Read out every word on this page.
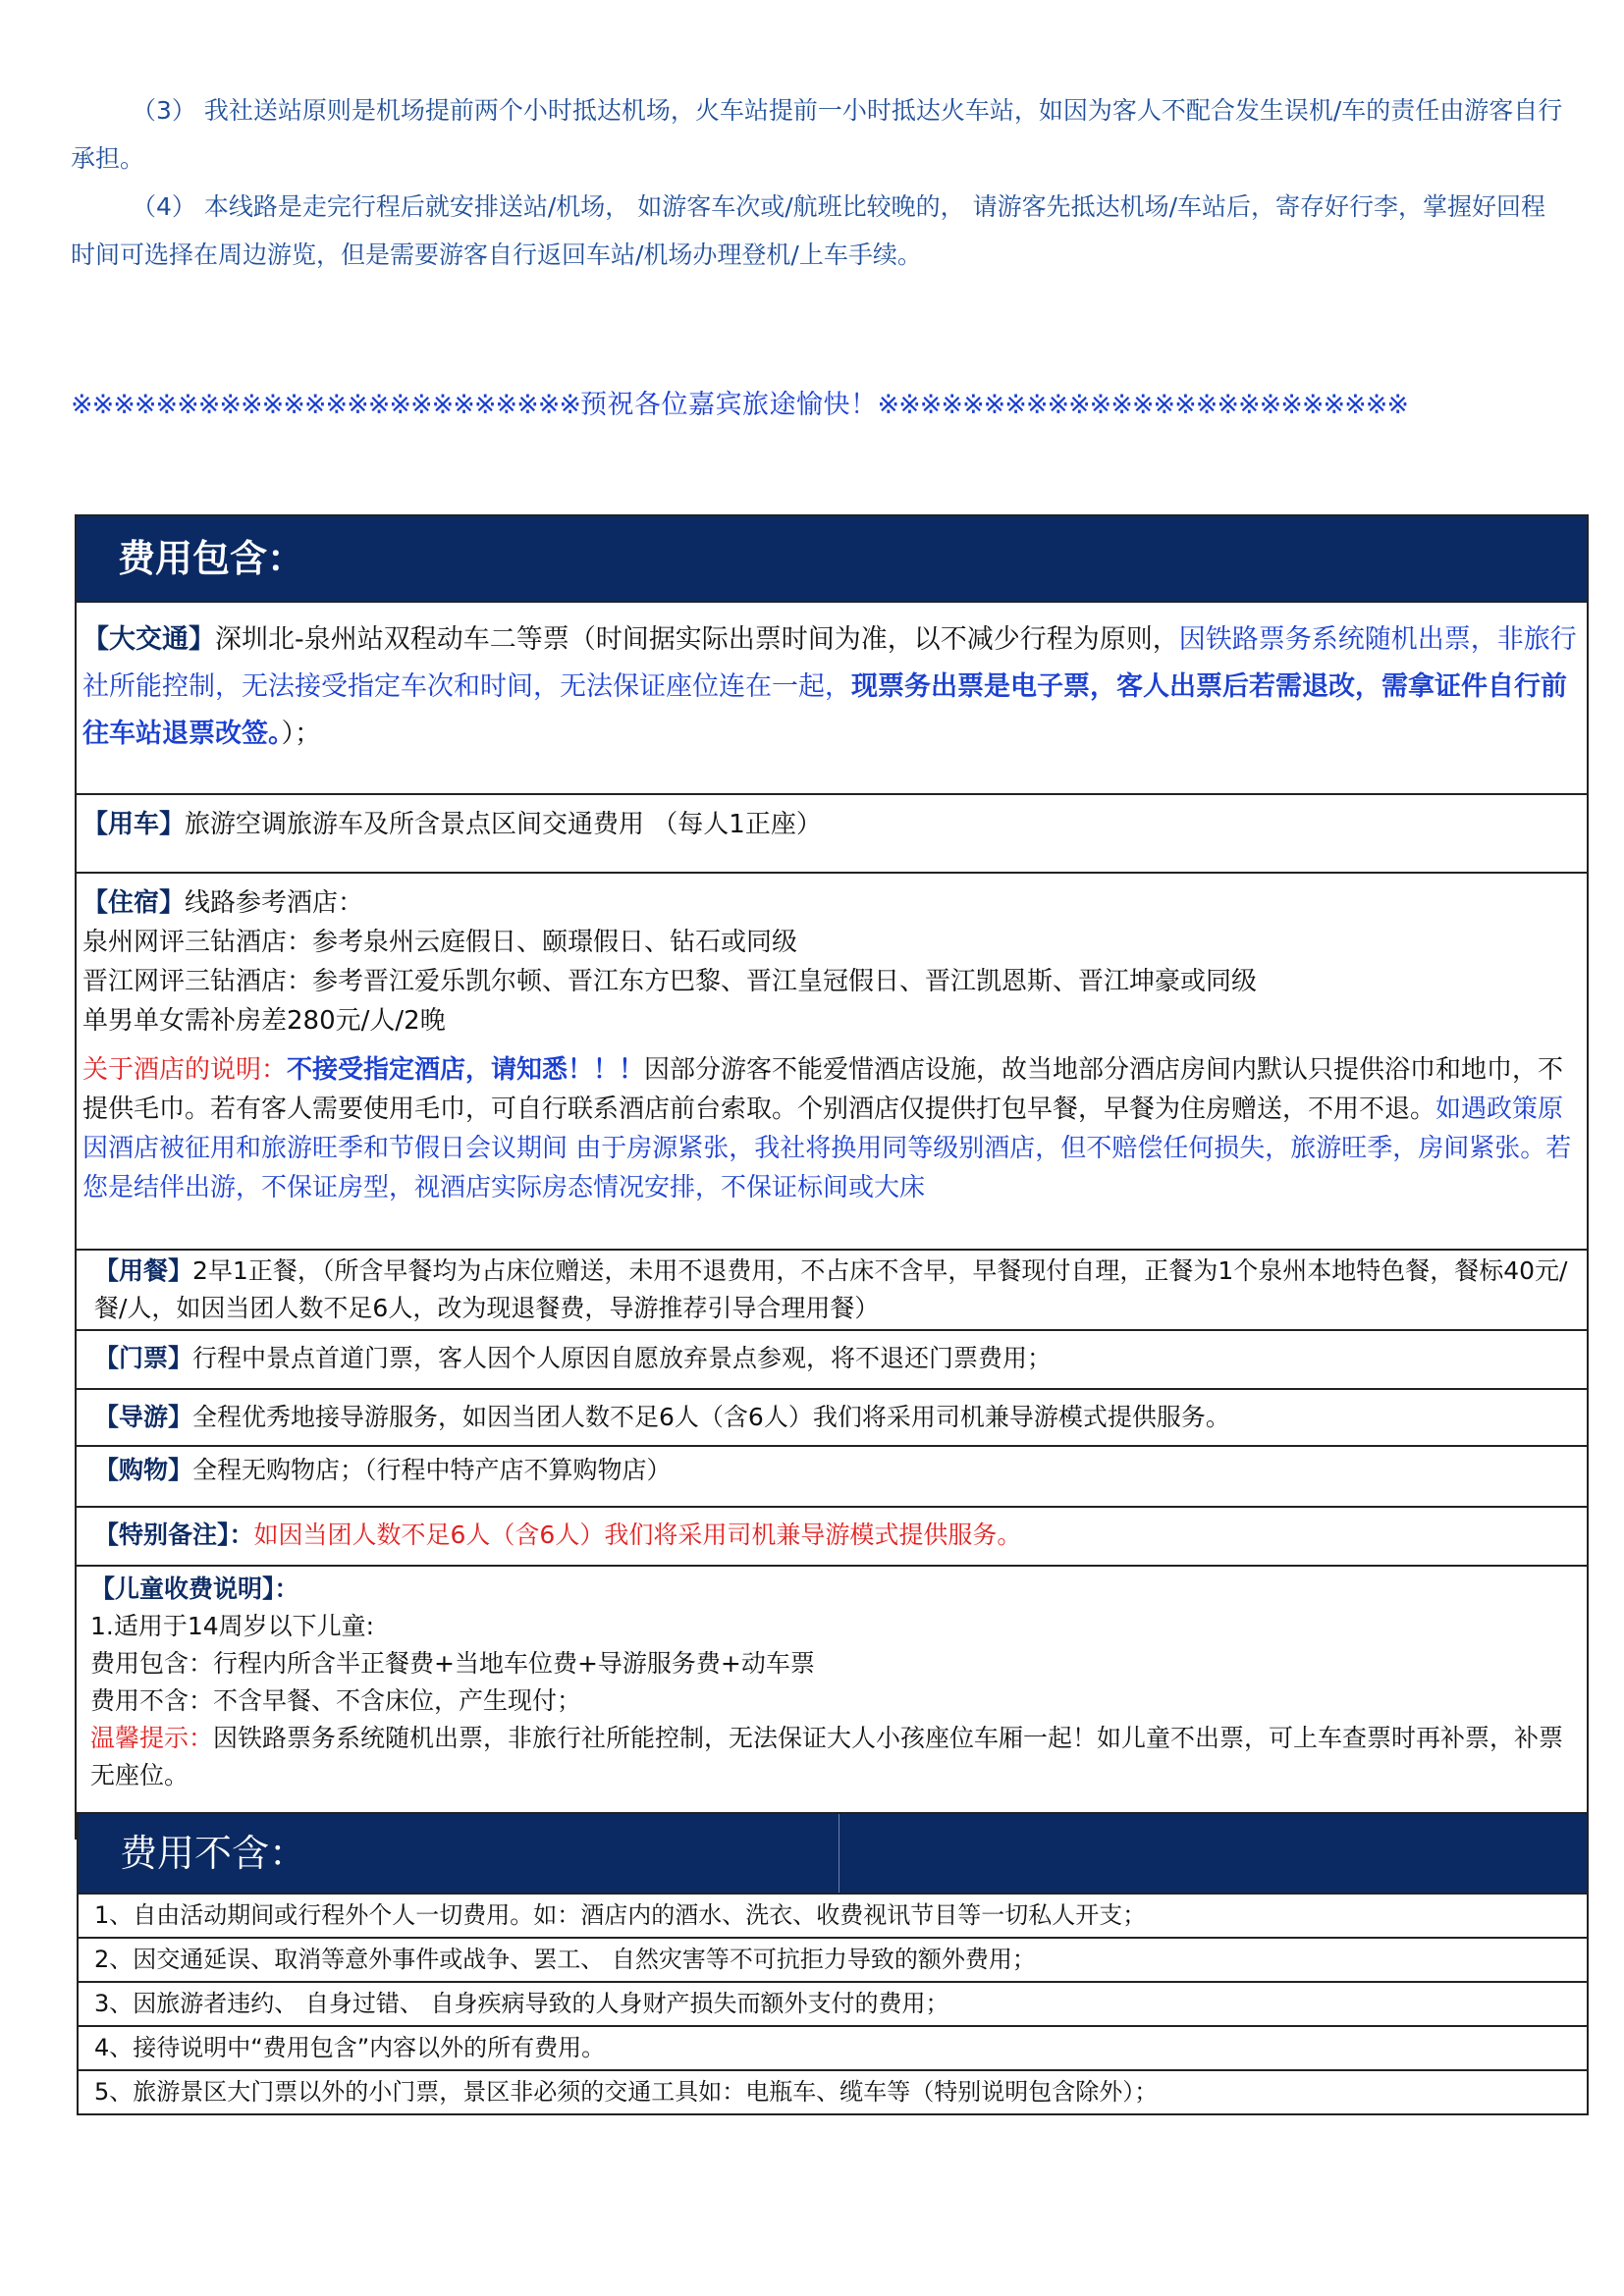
（3） 我社送站原则是机场提前两个小时抵达机场，火车站提前一小时抵达火车站，如因为客人不配合发生误机/车的责任由游客自行承担。

（4） 本线路是走完行程后就安排送站/机场， 如游客车次或/航班比较晚的， 请游客先抵达机场/车站后，寄存好行李，掌握好回程时间可选择在周边游览，但是需要游客自行返回车站/机场办理登机/上车手续。

※※※※※※※※※※※※※※※※※※※※※※※※预祝各位嘉宾旅途愉快！※※※※※※※※※※※※※※※※※※※※※※※※※
费用包含：
【大交通】深圳北-泉州站双程动车二等票（时间据实际出票时间为准，以不减少行程为原则，因铁路票务系统随机出票，非旅行社所能控制，无法接受指定车次和时间，无法保证座位连在一起，现票务出票是电子票，客人出票后若需退改，需拿证件自行前往车站退票改签。）；
【用车】旅游空调旅游车及所含景点区间交通费用 （每人1正座）
【住宿】线路参考酒店：
泉州网评三钻酒店：参考泉州云庭假日、颐璟假日、钻石或同级
晋江网评三钻酒店：参考晋江爱乐凯尔顿、晋江东方巴黎、晋江皇冠假日、晋江凯恩斯、晋江坤豪或同级
单男单女需补房差280元/人/2晚
关于酒店的说明：不接受指定酒店，请知悉！！！因部分游客不能爱惜酒店设施，故当地部分酒店房间内默认只提供浴巾和地巾，不提供毛巾。若有客人需要使用毛巾，可自行联系酒店前台索取。个别酒店仅提供打包早餐，早餐为住房赠送，不用不退。如遇政策原因酒店被征用和旅游旺季和节假日会议期间 由于房源紧张，我社将换用同等级别酒店，但不赔偿任何损失，旅游旺季，房间紧张。若您是结伴出游，不保证房型，视酒店实际房态情况安排，不保证标间或大床
【用餐】2早1正餐，（所含早餐均为占床位赠送，未用不退费用，不占床不含早，早餐现付自理，正餐为1个泉州本地特色餐，餐标40元/餐/人，如因当团人数不足6人，改为现退餐费，导游推荐引导合理用餐）
【门票】行程中景点首道门票，客人因个人原因自愿放弃景点参观，将不退还门票费用；
【导游】全程优秀地接导游服务，如因当团人数不足6人（含6人）我们将采用司机兼导游模式提供服务。
【购物】全程无购物店；（行程中特产店不算购物店）
【特别备注】：如因当团人数不足6人（含6人）我们将采用司机兼导游模式提供服务。
【儿童收费说明】：
1.适用于14周岁以下儿童:
费用包含：行程内所含半正餐费+当地车位费+导游服务费+动车票
费用不含：不含早餐、不含床位，产生现付；
温馨提示：因铁路票务系统随机出票，非旅行社所能控制，无法保证大人小孩座位车厢一起！如儿童不出票，可上车查票时再补票，补票无座位。
费用不含：
1、自由活动期间或行程外个人一切费用。如：酒店内的酒水、洗衣、收费视讯节目等一切私人开支；
2、因交通延误、取消等意外事件或战争、罢工、 自然灾害等不可抗拒力导致的额外费用；
3、因旅游者违约、 自身过错、 自身疾病导致的人身财产损失而额外支付的费用；
4、接待说明中“费用包含”内容以外的所有费用。
5、旅游景区大门票以外的小门票，景区非必须的交通工具如：电瓶车、缆车等（特别说明包含除外）；
